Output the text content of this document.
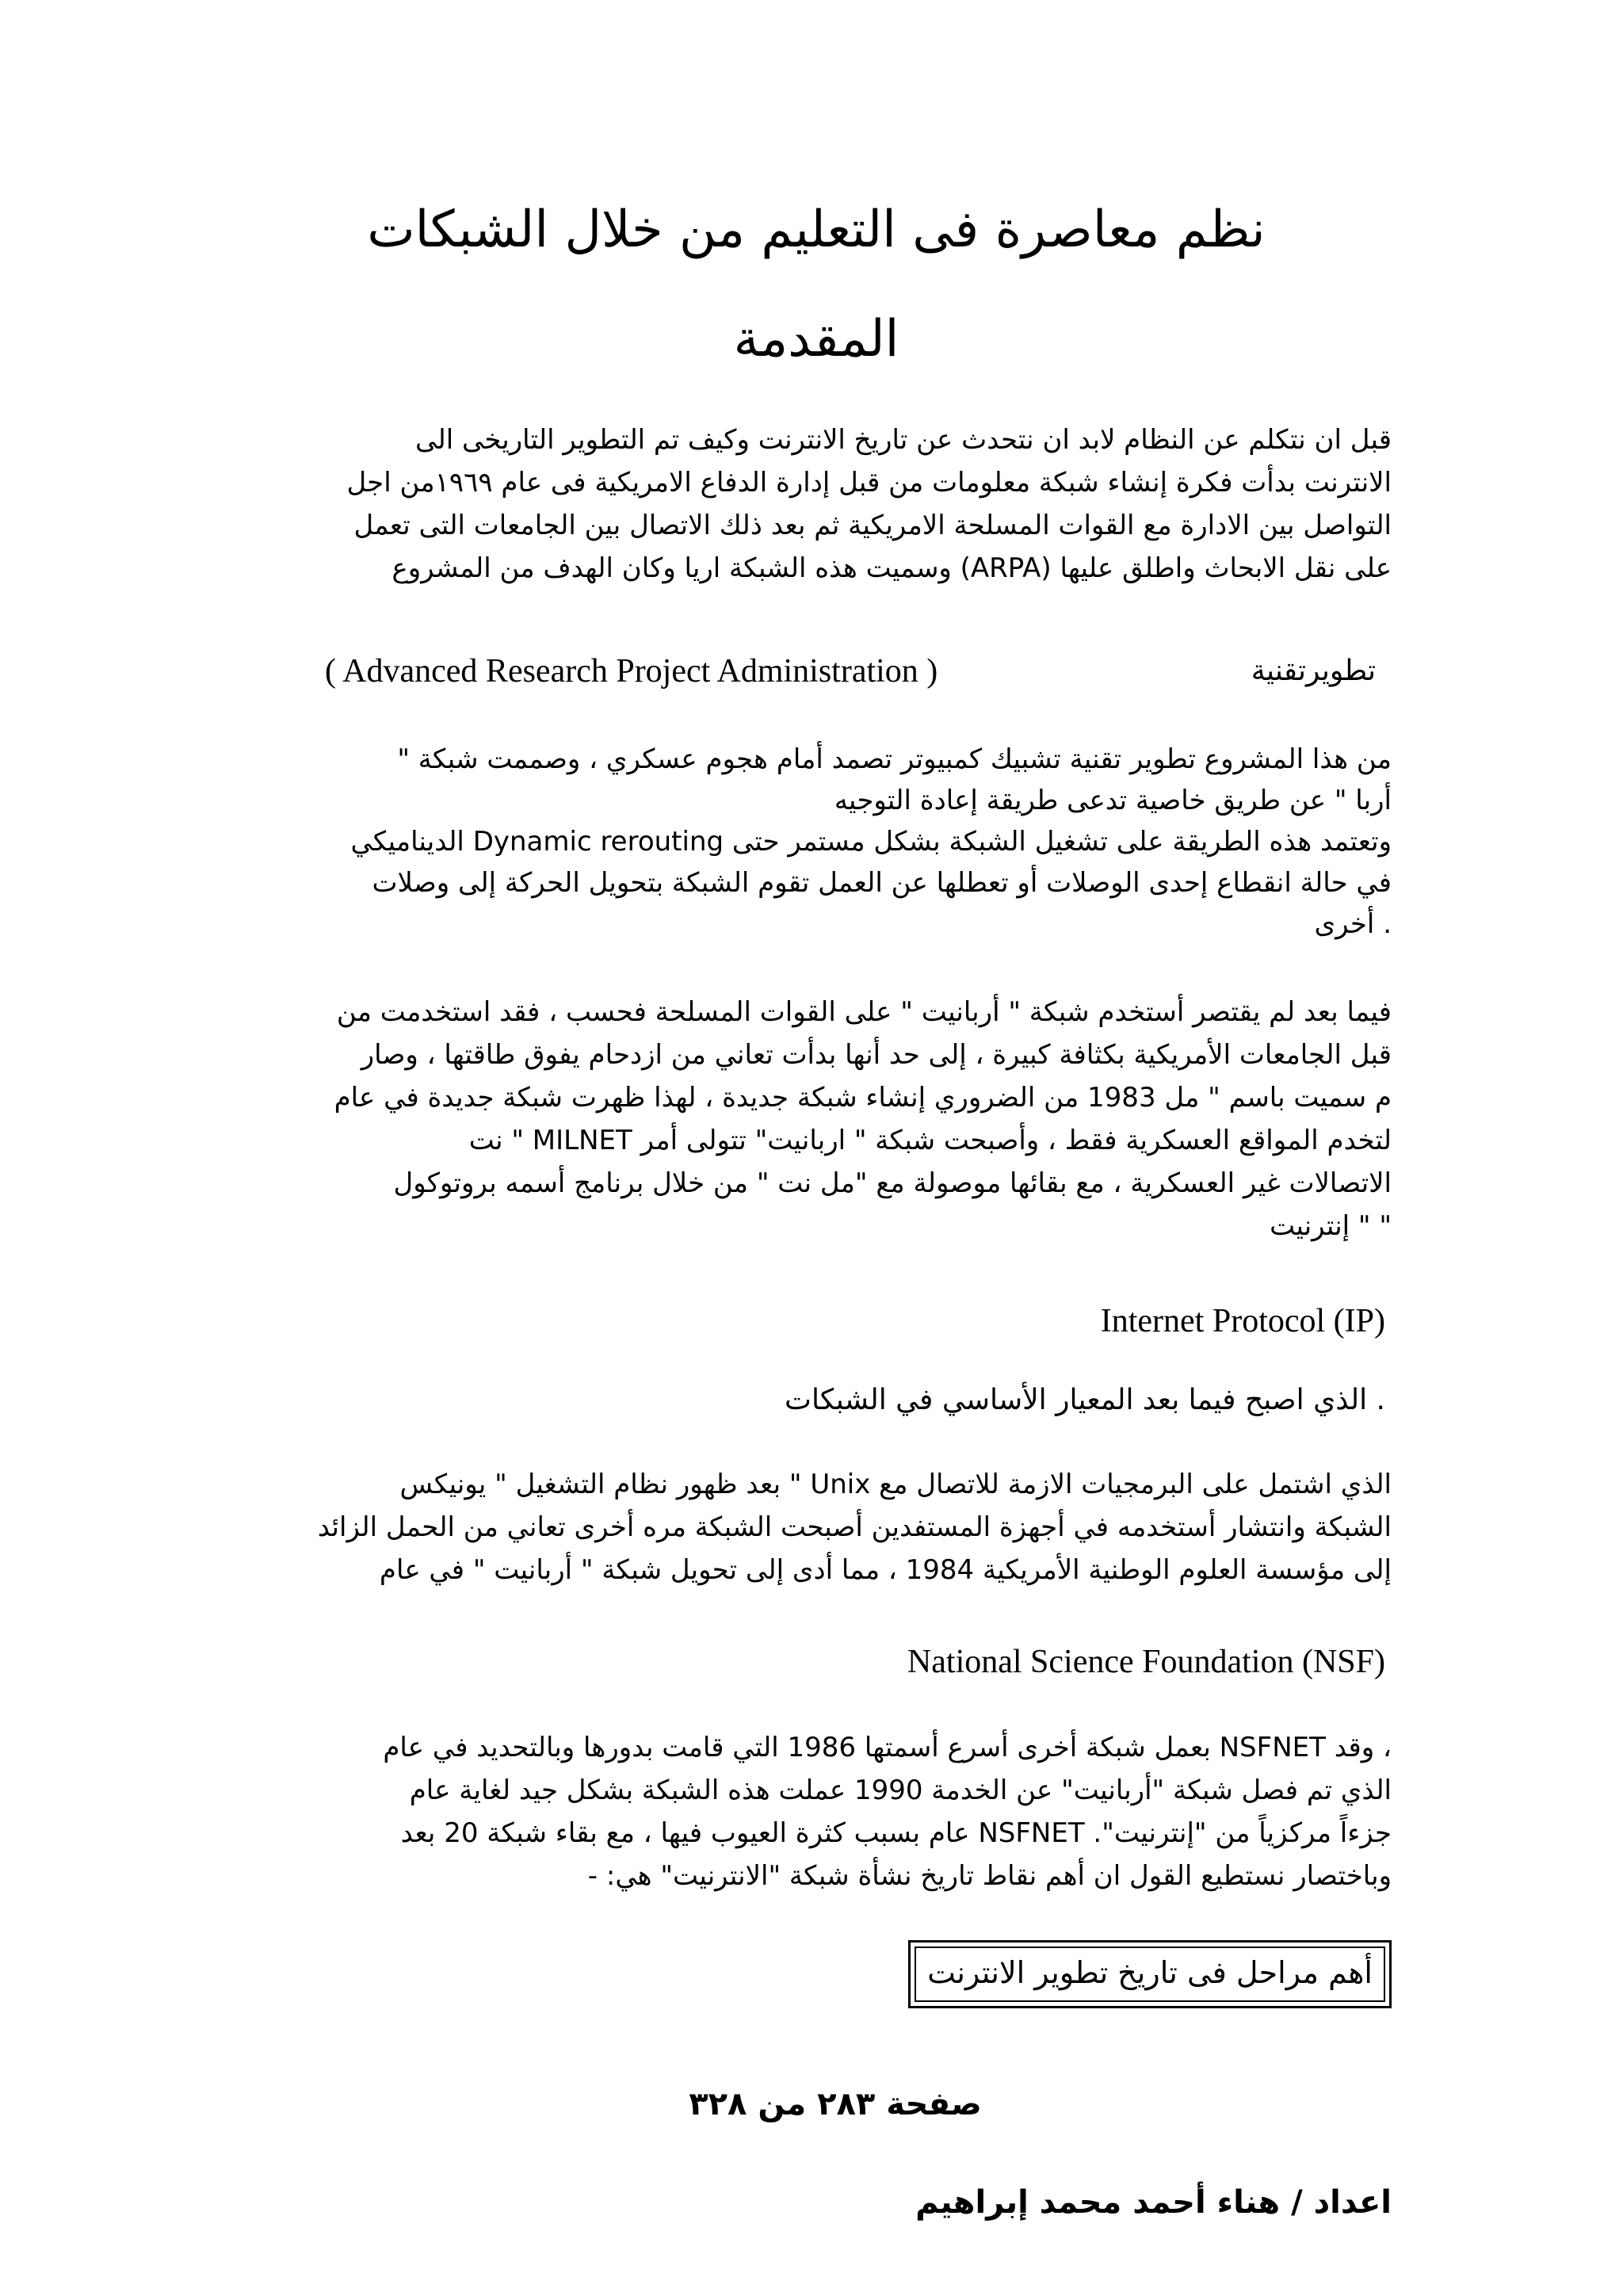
نظم معاصرة فى التعليم من خلال الشبكات
المقدمة
قبل ان نتكلم عن النظام لابد ان نتحدث عن تاريخ الانترنت وكيف تم التطوير التاريخى الى
الانترنت بدأت فكرة إنشاء شبكة معلومات من قبل إدارة الدفاع الامريكية فى عام ١٩٦٩من اجل
التواصل بين الادارة مع القوات المسلحة الامريكية ثم بعد ذلك الاتصال بين الجامعات التى تعمل
على نقل الابحاث واطلق عليها (ARPA) وسميت هذه الشبكة اريا وكان الهدف من المشروع
تطويرتقنية
( Advanced Research Project Administration )
من هذا المشروع تطوير تقنية تشبيك كمبيوتر تصمد أمام هجوم عسكري ، وصممت شبكة "
أربا " عن طريق خاصية تدعى طريقة إعادة التوجيه
وتعتمد هذه الطريقة على تشغيل الشبكة بشكل مستمر حتى Dynamic rerouting الديناميكي
في حالة انقطاع إحدى الوصلات أو تعطلها عن العمل تقوم الشبكة بتحويل الحركة إلى وصلات
. أخرى
فيما بعد لم يقتصر أستخدم شبكة " أربانيت " على القوات المسلحة فحسب ، فقد استخدمت من
قبل الجامعات الأمريكية بكثافة كبيرة ، إلى حد أنها بدأت تعاني من ازدحام يفوق طاقتها ، وصار
م سميت باسم " مل 1983 من الضروري إنشاء شبكة جديدة ، لهذا ظهرت شبكة جديدة في عام
لتخدم المواقع العسكرية فقط ، وأصبحت شبكة " اربانيت" تتولى أمر MILNET " نت
الاتصالات غير العسكرية ، مع بقائها موصولة مع "مل نت " من خلال برنامج أسمه بروتوكول
" " إنترنيت
Internet Protocol (IP)
. الذي اصبح فيما بعد المعيار الأساسي في الشبكات
الذي اشتمل على البرمجيات الازمة للاتصال مع Unix " بعد ظهور نظام التشغيل " يونيكس
الشبكة وانتشار أستخدمه في أجهزة المستفدين أصبحت الشبكة مره أخرى تعاني من الحمل الزائد
إلى مؤسسة العلوم الوطنية الأمريكية 1984 ، مما أدى إلى تحويل شبكة " أربانيت " في عام
National Science Foundation (NSF)
، وقد NSFNET بعمل شبكة أخرى أسرع أسمتها 1986 التي قامت بدورها وبالتحديد في عام
الذي تم فصل شبكة "أربانيت" عن الخدمة 1990 عملت هذه الشبكة بشكل جيد لغاية عام
جزءاً مركزياً من "إنترنيت". NSFNET عام بسبب كثرة العيوب فيها ، مع بقاء شبكة 20 بعد
وباختصار نستطيع القول ان أهم نقاط تاريخ نشأة شبكة "الانترنيت" هي: -
أهم مراحل فى تاريخ تطوير الانترنت
صفحة ٢٨٣ من ٣٢٨
اعداد / هناء أحمد محمد إبراهيم
